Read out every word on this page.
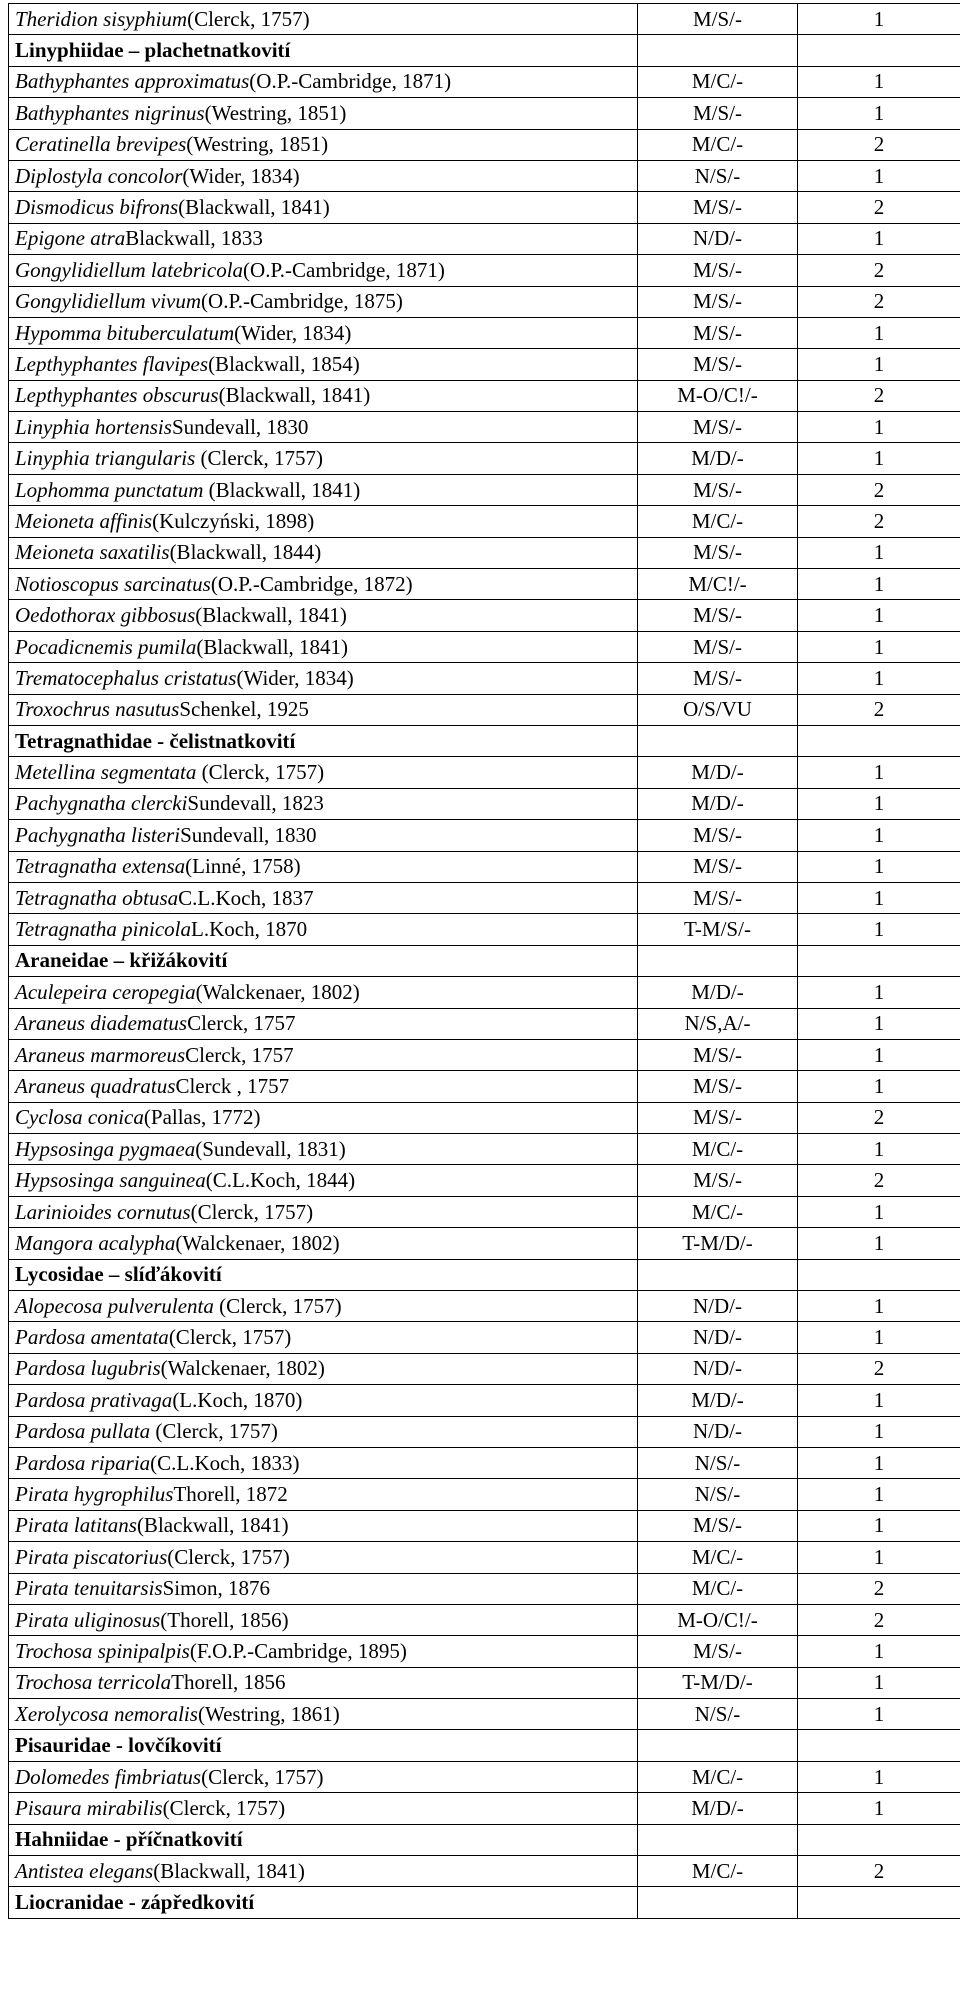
Theridion sisyphium(Clerck, 1757)	M/S/-	1
Linyphiidae – plachetnatkovití		
Bathyphantes approximatus(O.P.-Cambridge, 1871)	M/C/-	1
Bathyphantes nigrinus(Westring, 1851)	M/S/-	1
Ceratinella brevipes(Westring, 1851)	M/C/-	2
Diplostyla concolor(Wider, 1834)	N/S/-	1
Dismodicus bifrons(Blackwall, 1841)	M/S/-	2
Epigone atraBlackwall, 1833	N/D/-	1
Gongylidiellum latebricola(O.P.-Cambridge, 1871)	M/S/-	2
Gongylidiellum vivum(O.P.-Cambridge, 1875)	M/S/-	2
Hypomma bituberculatum(Wider, 1834)	M/S/-	1
Lepthyphantes flavipes(Blackwall, 1854)	M/S/-	1
Lepthyphantes obscurus(Blackwall, 1841)	M-O/C!/-	2
Linyphia hortensisSundevall, 1830	M/S/-	1
Linyphia triangularis (Clerck, 1757)	M/D/-	1
Lophomma punctatum (Blackwall, 1841)	M/S/-	2
Meioneta affinis(Kulczyński, 1898)	M/C/-	2
Meioneta saxatilis(Blackwall, 1844)	M/S/-	1
Notioscopus sarcinatus(O.P.-Cambridge, 1872)	M/C!/-	1
Oedothorax gibbosus(Blackwall, 1841)	M/S/-	1
Pocadicnemis pumila(Blackwall, 1841)	M/S/-	1
Trematocephalus cristatus(Wider, 1834)	M/S/-	1
Troxochrus nasutusSchenkel, 1925	O/S/VU	2
Tetragnathidae - čelistnatkovití		
Metellina segmentata (Clerck, 1757)	M/D/-	1
Pachygnatha clerckiSundevall, 1823	M/D/-	1
Pachygnatha listeriSundevall, 1830	M/S/-	1
Tetragnatha extensa(Linné, 1758)	M/S/-	1
Tetragnatha obtusaC.L.Koch, 1837	M/S/-	1
Tetragnatha pinicolaL.Koch, 1870	T-M/S/-	1
Araneidae – křižákovití		
Aculepeira ceropegia(Walckenaer, 1802)	M/D/-	1
Araneus diadematusClerck, 1757	N/S,A/-	1
Araneus marmoreusClerck, 1757	M/S/-	1
Araneus quadratusClerck , 1757	M/S/-	1
Cyclosa conica(Pallas, 1772)	M/S/-	2
Hypsosinga pygmaea(Sundevall, 1831)	M/C/-	1
Hypsosinga sanguinea(C.L.Koch, 1844)	M/S/-	2
Larinioides cornutus(Clerck, 1757)	M/C/-	1
Mangora acalypha(Walckenaer, 1802)	T-M/D/-	1
Lycosidae – slíďákovití		
Alopecosa pulverulenta (Clerck, 1757)	N/D/-	1
Pardosa amentata(Clerck, 1757)	N/D/-	1
Pardosa lugubris(Walckenaer, 1802)	N/D/-	2
Pardosa prativaga(L.Koch, 1870)	M/D/-	1
Pardosa pullata (Clerck, 1757)	N/D/-	1
Pardosa riparia(C.L.Koch, 1833)	N/S/-	1
Pirata hygrophilusThorell, 1872	N/S/-	1
Pirata latitans(Blackwall, 1841)	M/S/-	1
Pirata piscatorius(Clerck, 1757)	M/C/-	1
Pirata tenuitarsisSimon, 1876	M/C/-	2
Pirata uliginosus(Thorell, 1856)	M-O/C!/-	2
Trochosa spinipalpis(F.O.P.-Cambridge, 1895)	M/S/-	1
Trochosa terricolaThorell, 1856	T-M/D/-	1
Xerolycosa nemoralis(Westring, 1861)	N/S/-	1
Pisauridae - lovčíkovití		
Dolomedes fimbriatus(Clerck, 1757)	M/C/-	1
Pisaura mirabilis(Clerck, 1757)	M/D/-	1
Hahniidae - příčnatkovití		
Antistea elegans(Blackwall, 1841)	M/C/-	2
Liocranidae - zápředkovití		
